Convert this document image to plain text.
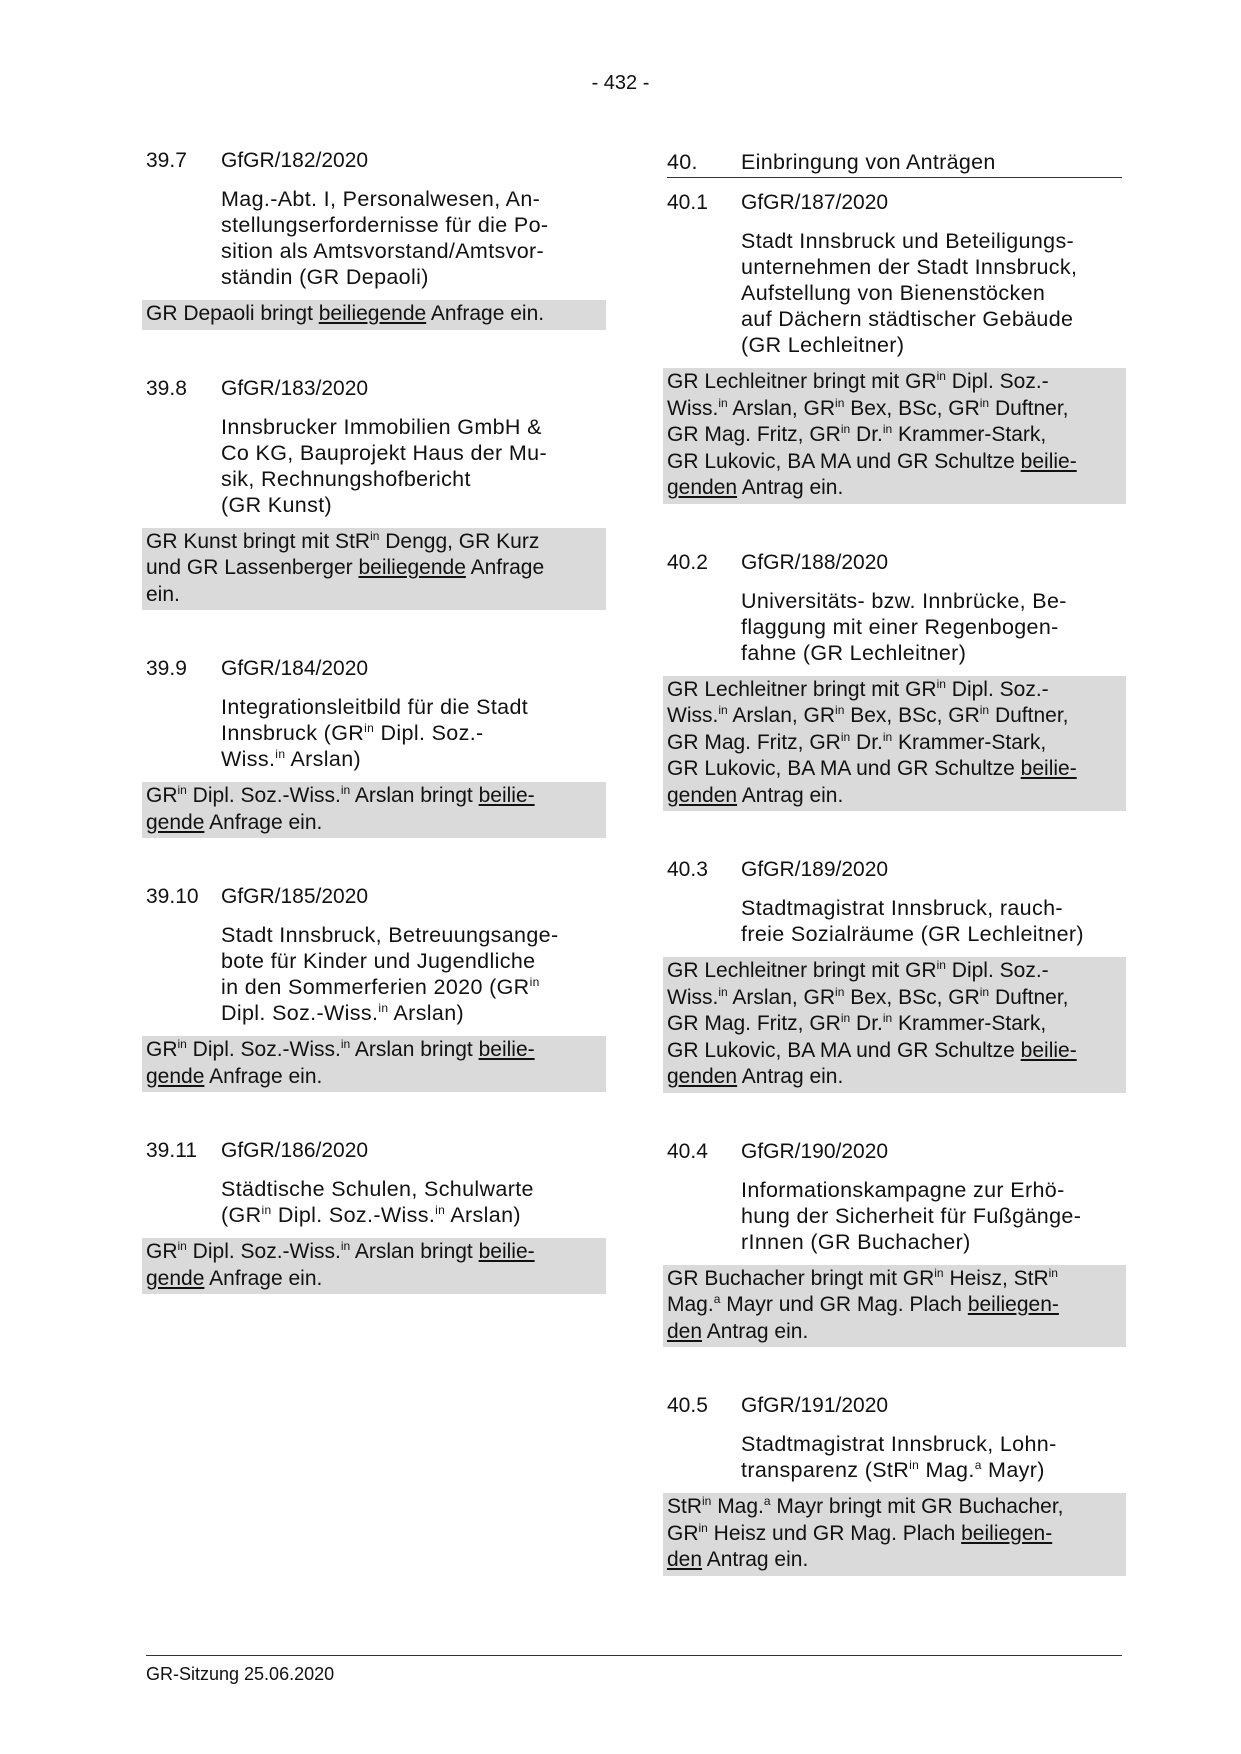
- 432 -
39.7	GfGR/182/2020
Mag.-Abt. I, Personalwesen, An-
stellungserfordernisse für die Po-
sition als Amtsvorstand/Amtsvor-
ständin (GR Depaoli)
GR Depaoli bringt beiliegende Anfrage ein.
39.8	GfGR/183/2020
Innsbrucker Immobilien GmbH &
Co KG, Bauprojekt Haus der Mu-
sik, Rechnungshofbericht
(GR Kunst)
GR Kunst bringt mit StR$^{in}$ Dengg, GR Kurz
und GR Lassenberger beiliegende Anfrage
ein.
39.9	GfGR/184/2020
Integrationsleitbild für die Stadt
Innsbruck ($GR^{in}$ Dipl. Soz.-
Wiss.$^{in}$ Arslan)
$GR^{in}$ Dipl. Soz.-Wiss.$^{in}$ Arslan bringt beilie-
gende Anfrage ein.
39.10	GfGR/185/2020
Stadt Innsbruck, Betreuungsange-
bote für Kinder und Jugendliche
in den Sommerferien 2020 ($GR^{in}$
Dipl. Soz.-Wiss.$^{in}$ Arslan)
$GR^{in}$ Dipl. Soz.-Wiss.$^{in}$ Arslan bringt beilie-
gende Anfrage ein.
39.11	GfGR/186/2020
Städtische Schulen, Schulwarte
($GR^{in}$ Dipl. Soz.-Wiss.$^{in}$ Arslan)
$GR^{in}$ Dipl. Soz.-Wiss.$^{in}$ Arslan bringt beilie-
gende Anfrage ein.
40.	Einbringung von Anträgen
40.1	GfGR/187/2020
Stadt Innsbruck und Beteiligungs-
unternehmen der Stadt Innsbruck,
Aufstellung von Bienenstöcken
auf Dächern städtischer Gebäude
(GR Lechleitner)
GR Lechleitner bringt mit $GR^{in}$ Dipl. Soz.-
Wiss.$^{in}$ Arslan, $GR^{in}$ Bex, BSc, $GR^{in}$ Duftner,
GR Mag. Fritz, $GR^{in}$ Dr.$^{in}$ Krammer-Stark,
GR Lukovic, BA MA und GR Schultze beilie-
genden Antrag ein.
40.2	GfGR/188/2020
Universitäts- bzw. Innbrücke, Be-
flaggung mit einer Regenbogen-
fahne (GR Lechleitner)
GR Lechleitner bringt mit $GR^{in}$ Dipl. Soz.-
Wiss.$^{in}$ Arslan, $GR^{in}$ Bex, BSc, $GR^{in}$ Duftner,
GR Mag. Fritz, $GR^{in}$ Dr.$^{in}$ Krammer-Stark,
GR Lukovic, BA MA und GR Schultze beilie-
genden Antrag ein.
40.3	GfGR/189/2020
Stadtmagistrat Innsbruck, rauch-
freie Sozialräume (GR Lechleitner)
GR Lechleitner bringt mit $GR^{in}$ Dipl. Soz.-
Wiss.$^{in}$ Arslan, $GR^{in}$ Bex, BSc, $GR^{in}$ Duftner,
GR Mag. Fritz, $GR^{in}$ Dr.$^{in}$ Krammer-Stark,
GR Lukovic, BA MA und GR Schultze beilie-
genden Antrag ein.
40.4	GfGR/190/2020
Informationskampagne zur Erhö-
hung der Sicherheit für Fußgänge-
rInnen (GR Buchacher)
GR Buchacher bringt mit $GR^{in}$ Heisz, StR$^{in}$
Mag.$^a$ Mayr und GR Mag. Plach beiliegen-
den Antrag ein.
40.5	GfGR/191/2020
Stadtmagistrat Innsbruck, Lohn-
transparenz (StR$^{in}$ Mag.$^a$ Mayr)
StR$^{in}$ Mag.$^a$ Mayr bringt mit GR Buchacher,
$GR^{in}$ Heisz und GR Mag. Plach beiliegen-
den Antrag ein.
GR-Sitzung 25.06.2020
